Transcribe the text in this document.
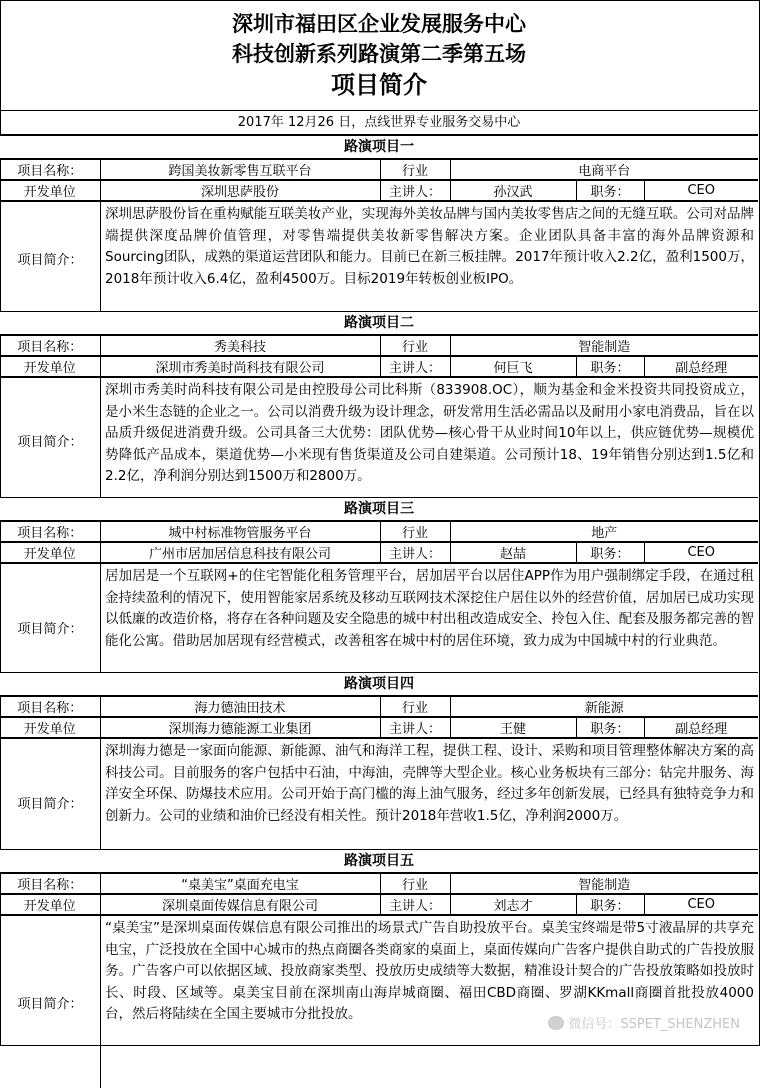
深圳市福田区企业发展服务中心
科技创新系列路演第二季第五场
项目简介
2017年 12月26 日，点线世界专业服务交易中心
路演项目一
项目名称：	跨国美妆新零售互联平台	行业	电商平台
开发单位	深圳思萨股份	主讲人：	孙汉武	职务：	CEO
项目简介：
深圳思萨股份旨在重构赋能互联美妆产业，实现海外美妆品牌与国内美妆零售店之间的无缝互联。公司对品牌端提供深度品牌价值管理，对零售端提供美妆新零售解决方案。企业团队具备丰富的海外品牌资源和Sourcing团队，成熟的渠道运营团队和能力。目前已在新三板挂牌。2017年预计收入2.2亿，盈利1500万，2018年预计收入6.4亿，盈利4500万。目标2019年转板创业板IPO。
路演项目二
项目名称：	秀美科技	行业	智能制造
开发单位	深圳市秀美时尚科技有限公司	主讲人：	何巨飞	职务：	副总经理
项目简介：
深圳市秀美时尚科技有限公司是由控股母公司比科斯（833908.OC），顺为基金和金米投资共同投资成立，是小米生态链的企业之一。公司以消费升级为设计理念，研发常用生活必需品以及耐用小家电消费品，旨在以品质升级促进消费升级。公司具备三大优势：团队优势—核心骨干从业时间10年以上，供应链优势—规模优势降低产品成本，渠道优势—小米现有售货渠道及公司自建渠道。公司预计18、19年销售分别达到1.5亿和2.2亿，净利润分别达到1500万和2800万。
路演项目三
项目名称：	城中村标准物管服务平台	行业	地产
开发单位	广州市居加居信息科技有限公司	主讲人：	赵喆	职务：	CEO
项目简介：
居加居是一个互联网+的住宅智能化租务管理平台，居加居平台以居住APP作为用户强制绑定手段，在通过租金持续盈利的情况下，使用智能家居系统及移动互联网技术深挖住户居住以外的经营价值，居加居已成功实现以低廉的改造价格，将存在各种问题及安全隐患的城中村出租改造成安全、拎包入住、配套及服务都完善的智能化公寓。借助居加居现有经营模式，改善租客在城中村的居住环境，致力成为中国城中村的行业典范。
路演项目四
项目名称：	海力德油田技术	行业	新能源
开发单位	深圳海力德能源工业集团	主讲人：	王健	职务：	副总经理
项目简介：
深圳海力德是一家面向能源、新能源、油气和海洋工程，提供工程、设计、采购和项目管理整体解决方案的高科技公司。目前服务的客户包括中石油，中海油，壳牌等大型企业。核心业务板块有三部分：钻完井服务、海洋安全环保、防爆技术应用。公司开始于高门槛的海上油气服务，经过多年创新发展，已经具有独特竞争力和创新力。公司的业绩和油价已经没有相关性。预计2018年营收1.5亿，净利润2000万。
路演项目五
项目名称：	“桌美宝”桌面充电宝	行业	智能制造
开发单位	深圳桌面传媒信息有限公司	主讲人：	刘志才	职务：	CEO
项目简介：
“桌美宝”是深圳桌面传媒信息有限公司推出的场景式广告自助投放平台。桌美宝终端是带5寸液晶屏的共享充电宝，广泛投放在全国中心城市的热点商圈各类商家的桌面上，桌面传媒向广告客户提供自助式的广告投放服务。广告客户可以依据区域、投放商家类型、投放历史成绩等大数据，精准设计契合的广告投放策略如投放时长、时段、区域等。桌美宝目前在深圳南山海岸城商圈、福田CBD商圈、罗湖KKmall商圈首批投放4000台，然后将陆续在全国主要城市分批投放。
微信号：SSPET_SHENZHEN
